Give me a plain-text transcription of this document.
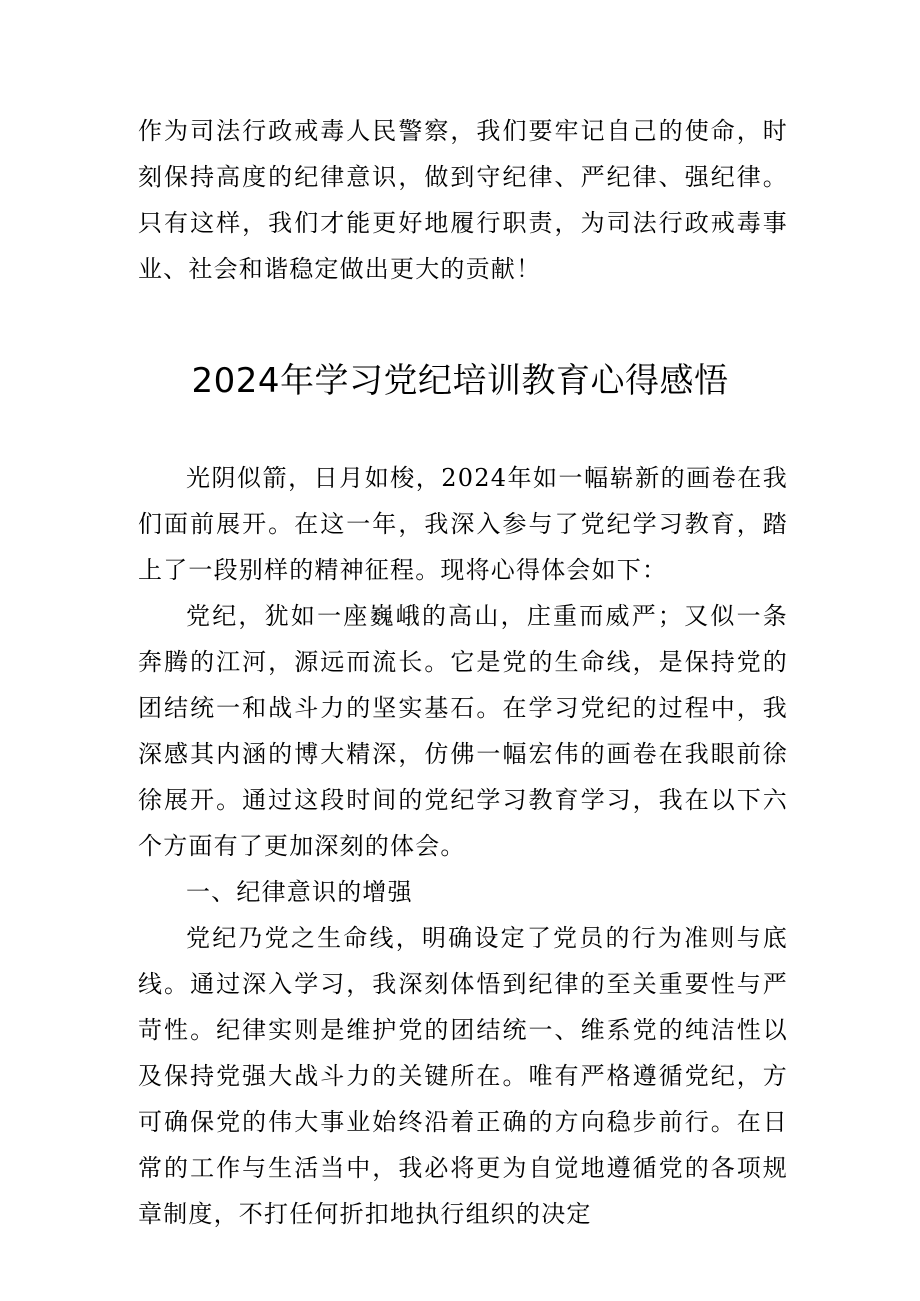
作为司法行政戒毒人民警察，我们要牢记自己的使命，时刻保持高度的纪律意识，做到守纪律、严纪律、强纪律。只有这样，我们才能更好地履行职责，为司法行政戒毒事业、社会和谐稳定做出更大的贡献！
2024年学习党纪培训教育心得感悟

光阴似箭，日月如梭，2024年如一幅崭新的画卷在我们面前展开。在这一年，我深入参与了党纪学习教育，踏上了一段别样的精神征程。现将心得体会如下：

党纪，犹如一座巍峨的高山，庄重而威严；又似一条奔腾的江河，源远而流长。它是党的生命线，是保持党的团结统一和战斗力的坚实基石。在学习党纪的过程中，我深感其内涵的博大精深，仿佛一幅宏伟的画卷在我眼前徐徐展开。通过这段时间的党纪学习教育学习，我在以下六个方面有了更加深刻的体会。

一、纪律意识的增强

党纪乃党之生命线，明确设定了党员的行为准则与底线。通过深入学习，我深刻体悟到纪律的至关重要性与严苛性。纪律实则是维护党的团结统一、维系党的纯洁性以及保持党强大战斗力的关键所在。唯有严格遵循党纪，方可确保党的伟大事业始终沿着正确的方向稳步前行。在日常的工作与生活当中，我必将更为自觉地遵循党的各项规章制度，不打任何折扣地执行组织的决定
